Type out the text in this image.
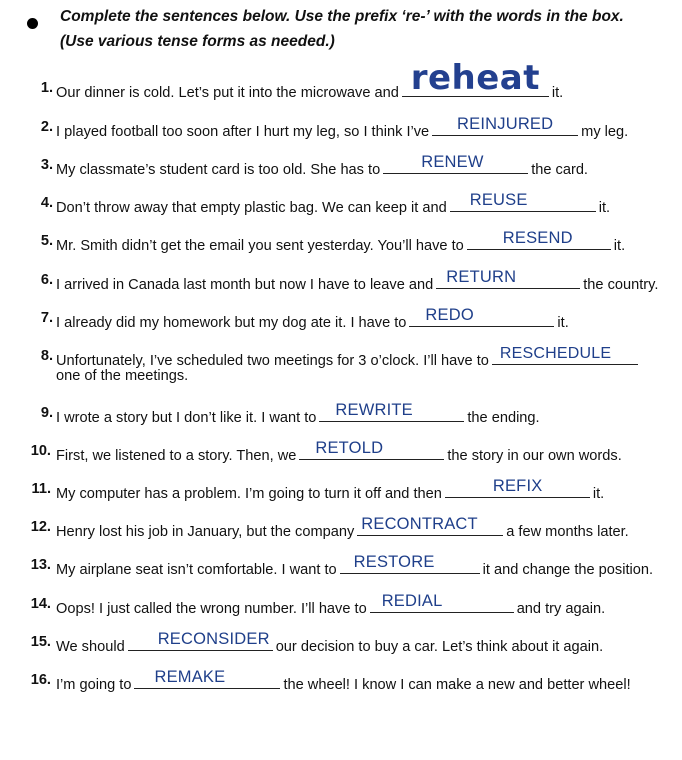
Complete the sentences below. Use the prefix ‘re-’ with the words in the box.
(Use various tense forms as needed.)
1. Our dinner is cold. Let’s put it into the microwave and reheat it.
2. I played football too soon after I hurt my leg, so I think I’ve	REINJURED	my leg.
3. My classmate’s student card is too old. She has to	RENEW	the card.
4. Don’t throw away that empty plastic bag. We can keep it and	REUSE	it.
5. Mr. Smith didn’t get the email you sent yesterday. You’ll have to	RESEND	it.
6. I arrived in Canada last month but now I have to leave and RETURN	the country.
7. I already did my homework but my dog ate it. I have to	REDO	it.
8. Unfortunately, I’ve scheduled two meetings for 3 o’clock. I’ll have to RESCHEDULE
one of the meetings.
9. I wrote a story but I don’t like it. I want to	REWRITE	the ending.
10. First, we listened to a story. Then, we	RETOLD	the story in our own words.
11. My computer has a problem. I’m going to turn it off and then	REFIX	it.
12. Henry lost his job in January, but the company RECONTRACT	a few months later.
13. My airplane seat isn’t comfortable. I want to	RESTORE	it and change the position.
14. Oops! I just called the wrong number. I’ll have to REDIAL	and try again.
15. We should	RECONSIDER our decision to buy a car. Let’s think about it again.
16. I’m going to	REMAKE	the wheel! I know I can make a new and better wheel!
